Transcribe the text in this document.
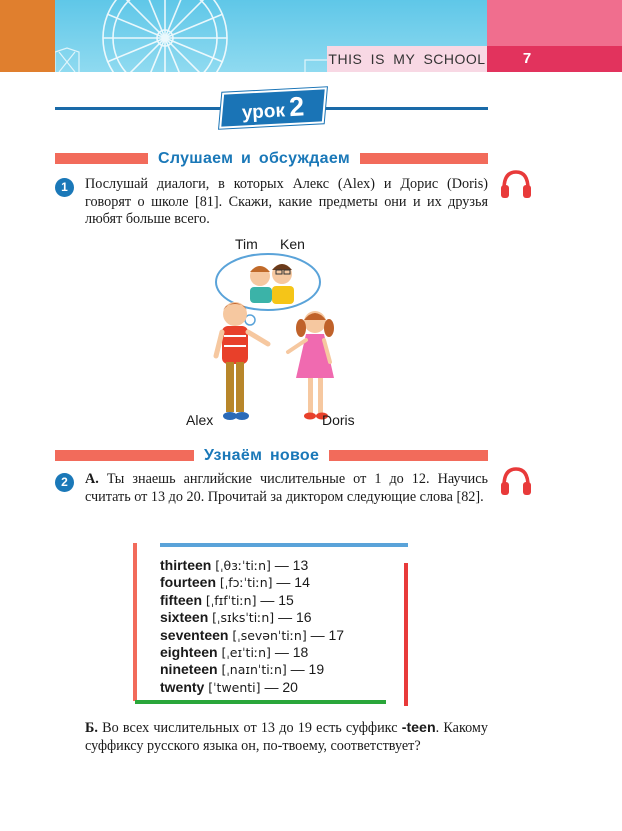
THIS IS MY SCHOOL	7
урок 2
Слушаем и обсуждаем
1	Послушай диалоги, в которых Алекс (Alex) и Дорис (Doris) говорят о школе [81]. Скажи, какие предметы они и их друзья любят больше всего.

Tim Ken
Alex	Doris
Узнаём новое
2	А. Ты знаешь английские числительные от 1 до 12. Научись считать от 13 до 20. Прочитай за диктором следующие слова [82].

thirteen [ˌθɜːˈtiːn] — 13
fourteen [ˌfɔːˈtiːn] — 14
fifteen [ˌfɪfˈtiːn] — 15
sixteen [ˌsɪksˈtiːn] — 16
seventeen [ˌsevənˈtiːn] — 17
eighteen [ˌeɪˈtiːn] — 18
nineteen [ˌnaɪnˈtiːn] — 19
twenty [ˈtwenti] — 20

Б. Во всех числительных от 13 до 19 есть суффикс -teen. Какому суффиксу русского языка он, по-твоему, соответствует?
